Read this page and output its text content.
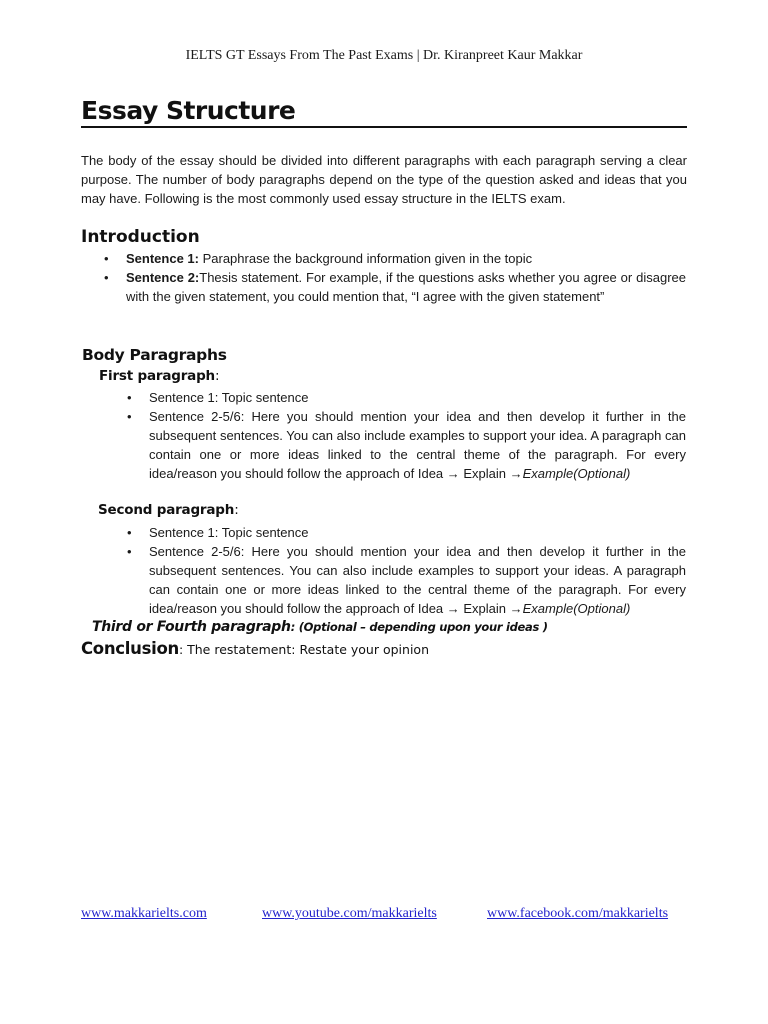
IELTS GT Essays From The Past Exams | Dr. Kiranpreet Kaur Makkar
Essay Structure
The body of the essay should be divided into different paragraphs with each paragraph serving a clear purpose. The number of body paragraphs depend on the type of the question asked and ideas that you may have. Following is the most commonly used essay structure in the IELTS exam.
Introduction
• Sentence 1: Paraphrase the background information given in the topic
• Sentence 2:Thesis statement. For example, if the questions asks whether you agree or disagree with the given statement, you could mention that, “I agree with the given statement”
Body Paragraphs
First paragraph:
• Sentence 1: Topic sentence
• Sentence 2-5/6: Here you should mention your idea and then develop it further in the subsequent sentences. You can also include examples to support your idea. A paragraph can contain one or more ideas linked to the central theme of the paragraph. For every idea/reason you should follow the approach of Idea → Explain →Example(Optional)
Second paragraph:
• Sentence 1: Topic sentence
• Sentence 2-5/6: Here you should mention your idea and then develop it further in the subsequent sentences. You can also include examples to support your ideas. A paragraph can contain one or more ideas linked to the central theme of the paragraph. For every idea/reason you should follow the approach of Idea → Explain →Example(Optional)
Third or Fourth paragraph: (Optional – depending upon your ideas )
Conclusion: The restatement: Restate your opinion
www.makkarielts.com	www.youtube.com/makkarielts	www.facebook.com/makkarielts
